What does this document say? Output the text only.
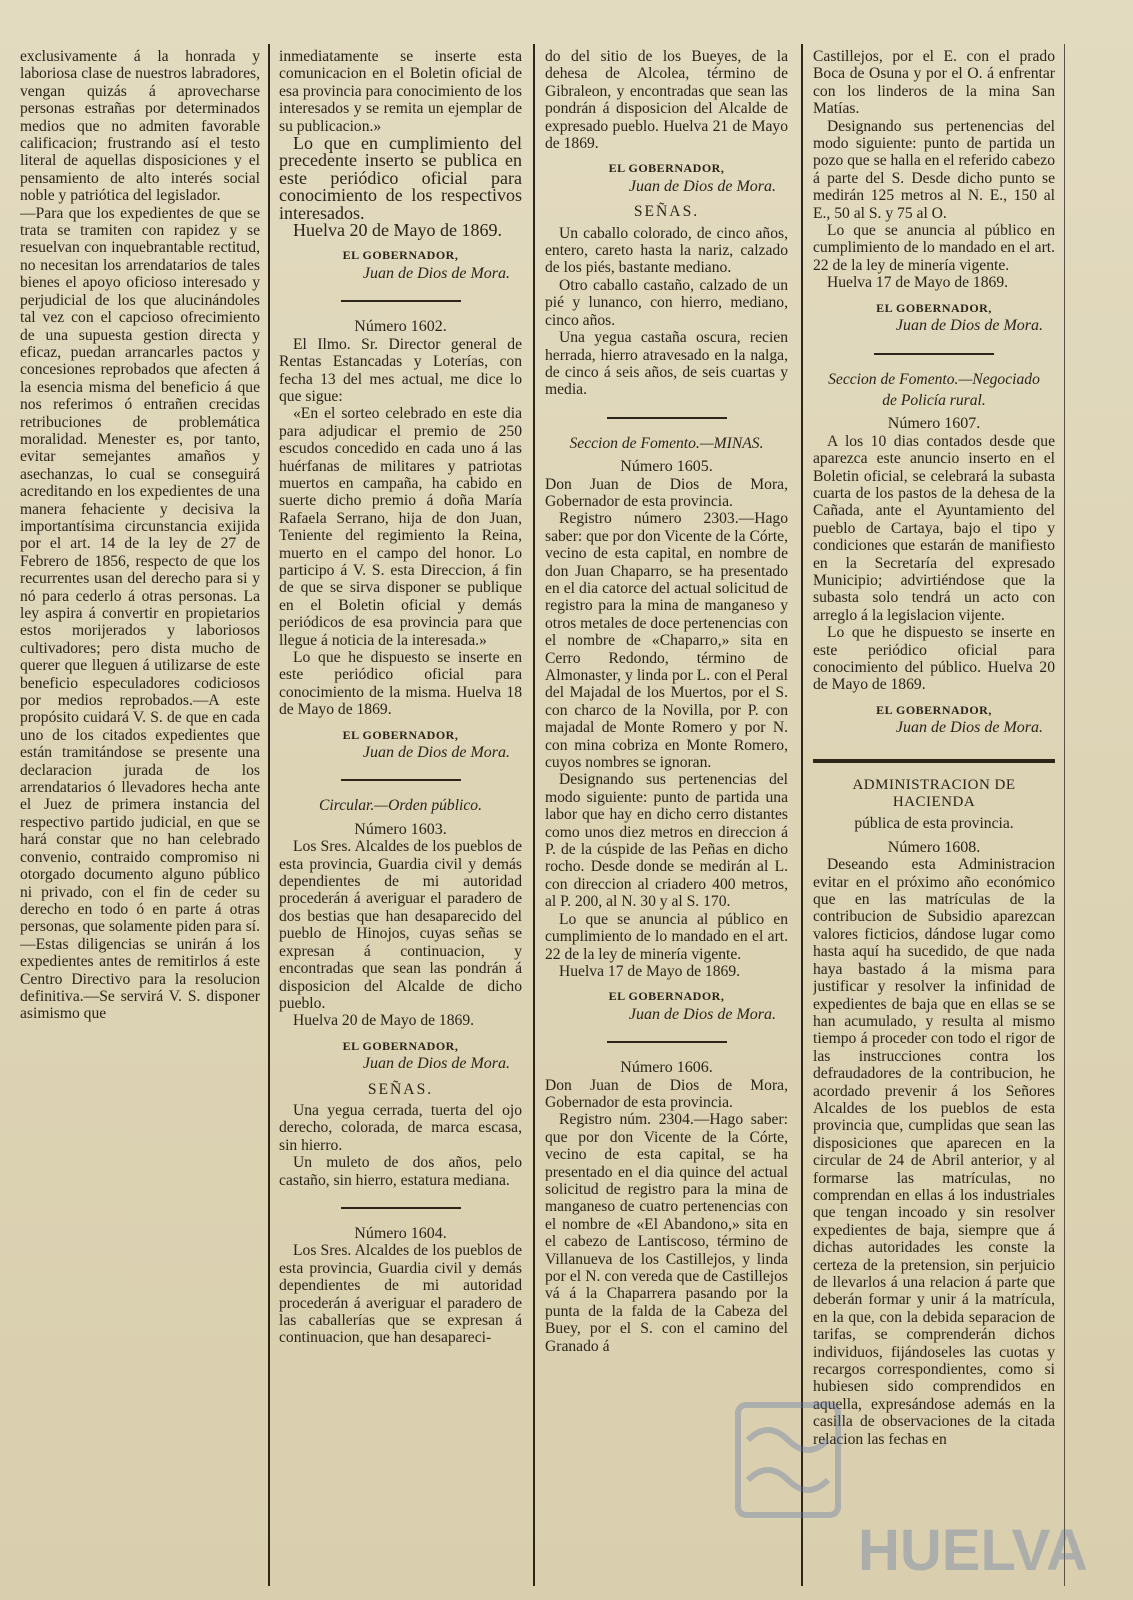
exclusivamente á la honrada y laboriosa clase de nuestros labradores, vengan quizás á aprovecharse personas estrañas por determinados medios que no admiten favorable calificacion; frustrando así el testo literal de aquellas disposiciones y el pensamiento de alto interés social noble y patriótica del legislador.

—Para que los expedientes de que se trata se tramiten con rapidez y se resuelvan con inquebrantable rectitud, no necesitan los arrendatarios de tales bienes el apoyo oficioso interesado y perjudicial de los que alucinándoles tal vez con el capcioso ofrecimiento de una supuesta gestion directa y eficaz, puedan arrancarles pactos y concesiones reprobados que afecten á la esencia misma del beneficio á que nos referimos ó entrañen crecidas retribuciones de problemática moralidad. Menester es, por tanto, evitar semejantes amaños y asechanzas, lo cual se conseguirá acreditando en los expedientes de una manera fehaciente y decisiva la importantísima circunstancia exijida por el art. 14 de la ley de 27 de Febrero de 1856, respecto de que los recurrentes usan del derecho para si y nó para cederlo á otras personas. La ley aspira á convertir en propietarios estos morijerados y laboriosos cultivadores; pero dista mucho de querer que lleguen á utilizarse de este beneficio especuladores codiciosos por medios reprobados.—A este propósito cuidará V. S. de que en cada uno de los citados expedientes que están tramitándose se presente una declaracion jurada de los arrendatarios ó llevadores hecha ante el Juez de primera instancia del respectivo partido judicial, en que se hará constar que no han celebrado convenio, contraido compromiso ni otorgado documento alguno público ni privado, con el fin de ceder su derecho en todo ó en parte á otras personas, que solamente piden para sí.—Estas diligencias se unirán á los expedientes antes de remitirlos á este Centro Directivo para la resolucion definitiva.—Se servirá V. S. disponer asimismo que

inmediatamente se inserte esta comunicacion en el Boletin oficial de esa provincia para conocimiento de los interesados y se remita un ejemplar de su publicacion.»

Lo que en cumplimiento del precedente inserto se publica en este periódico oficial para conocimiento de los respectivos interesados.

Huelva 20 de Mayo de 1869.

EL GOBERNADOR,
Juan de Dios de Mora.
Número 1602.

El Ilmo. Sr. Director general de Rentas Estancadas y Loterías, con fecha 13 del mes actual, me dice lo que sigue:

«En el sorteo celebrado en este dia para adjudicar el premio de 250 escudos concedido en cada uno á las huérfanas de militares y patriotas muertos en campaña, ha cabido en suerte dicho premio á doña María Rafaela Serrano, hija de don Juan, Teniente del regimiento la Reina, muerto en el campo del honor. Lo participo á V. S. esta Direccion, á fin de que se sirva disponer se publique en el Boletin oficial y demás periódicos de esa provincia para que llegue á noticia de la interesada.»

Lo que he dispuesto se inserte en este periódico oficial para conocimiento de la misma. Huelva 18 de Mayo de 1869.

EL GOBERNADOR,
Juan de Dios de Mora.
Circular.—Orden público.
Número 1603.

Los Sres. Alcaldes de los pueblos de esta provincia, Guardia civil y demás dependientes de mi autoridad procederán á averiguar el paradero de dos bestias que han desaparecido del pueblo de Hinojos, cuyas señas se expresan á continuacion, y encontradas que sean las pondrán á disposicion del Alcalde de dicho pueblo.

Huelva 20 de Mayo de 1869.

EL GOBERNADOR,
Juan de Dios de Mora.
SEÑAS.

Una yegua cerrada, tuerta del ojo derecho, colorada, de marca escasa, sin hierro.

Un muleto de dos años, pelo castaño, sin hierro, estatura mediana.

Número 1604.

Los Sres. Alcaldes de los pueblos de esta provincia, Guardia civil y demás dependientes de mi autoridad procederán á averiguar el paradero de las caballerías que se expresan á continuacion, que han desapareci-

do del sitio de los Bueyes, de la dehesa de Alcolea, término de Gibraleon, y encontradas que sean las pondrán á disposicion del Alcalde de expresado pueblo. Huelva 21 de Mayo de 1869.

EL GOBERNADOR,
Juan de Dios de Mora.
SEÑAS.

Un caballo colorado, de cinco años, entero, careto hasta la nariz, calzado de los piés, bastante mediano.

Otro caballo castaño, calzado de un pié y lunanco, con hierro, mediano, cinco años.

Una yegua castaña oscura, recien herrada, hierro atravesado en la nalga, de cinco á seis años, de seis cuartas y media.

Seccion de Fomento.—MINAS.
Número 1605.

Don Juan de Dios de Mora, Gobernador de esta provincia.

Registro número 2303.—Hago saber: que por don Vicente de la Córte, vecino de esta capital, en nombre de don Juan Chaparro, se ha presentado en el dia catorce del actual solicitud de registro para la mina de manganeso y otros metales de doce pertenencias con el nombre de «Chaparro,» sita en Cerro Redondo, término de Almonaster, y linda por L. con el Peral del Majadal de los Muertos, por el S. con charco de la Novilla, por P. con majadal de Monte Romero y por N. con mina cobriza en Monte Romero, cuyos nombres se ignoran.

Designando sus pertenencias del modo siguiente: punto de partida una labor que hay en dicho cerro distantes como unos diez metros en direccion á P. de la cúspide de las Peñas en dicho rocho. Desde donde se medirán al L. con direccion al criadero 400 metros, al P. 200, al N. 30 y al S. 170.

Lo que se anuncia al público en cumplimiento de lo mandado en el art. 22 de la ley de minería vigente.

Huelva 17 de Mayo de 1869.

EL GOBERNADOR,
Juan de Dios de Mora.
Número 1606.

Don Juan de Dios de Mora, Gobernador de esta provincia.

Registro núm. 2304.—Hago saber: que por don Vicente de la Córte, vecino de esta capital, se ha presentado en el dia quince del actual solicitud de registro para la mina de manganeso de cuatro pertenencias con el nombre de «El Abandono,» sita en el cabezo de Lantiscoso, término de Villanueva de los Castillejos, y linda por el N. con vereda que de Castillejos vá á la Chaparrera pasando por la punta de la falda de la Cabeza del Buey, por el S. con el camino del Granado á

Castillejos, por el E. con el prado Boca de Osuna y por el O. á enfrentar con los linderos de la mina San Matías.

Designando sus pertenencias del modo siguiente: punto de partida un pozo que se halla en el referido cabezo á parte del S. Desde dicho punto se medirán 125 metros al N. E., 150 al E., 50 al S. y 75 al O.

Lo que se anuncia al público en cumplimiento de lo mandado en el art. 22 de la ley de minería vigente.

Huelva 17 de Mayo de 1869.

EL GOBERNADOR,
Juan de Dios de Mora.
Seccion de Fomento.—Negociado
de Policía rural.
Número 1607.

A los 10 dias contados desde que aparezca este anuncio inserto en el Boletin oficial, se celebrará la subasta cuarta de los pastos de la dehesa de la Cañada, ante el Ayuntamiento del pueblo de Cartaya, bajo el tipo y condiciones que estarán de manifiesto en la Secretaría del expresado Municipio; advirtiéndose que la subasta solo tendrá un acto con arreglo á la legislacion vijente.

Lo que he dispuesto se inserte en este periódico oficial para conocimiento del público. Huelva 20 de Mayo de 1869.

EL GOBERNADOR,
Juan de Dios de Mora.
ADMINISTRACION DE HACIENDA
pública de esta provincia.
Número 1608.

Deseando esta Administracion evitar en el próximo año económico que en las matrículas de la contribucion de Subsidio aparezcan valores ficticios, dándose lugar como hasta aquí ha sucedido, de que nada haya bastado á la misma para justificar y resolver la infinidad de expedientes de baja que en ellas se se han acumulado, y resulta al mismo tiempo á proceder con todo el rigor de las instrucciones contra los defraudadores de la contribucion, he acordado prevenir á los Señores Alcaldes de los pueblos de esta provincia que, cumplidas que sean las disposiciones que aparecen en la circular de 24 de Abril anterior, y al formarse las matrículas, no comprendan en ellas á los industriales que tengan incoado y sin resolver expedientes de baja, siempre que á dichas autoridades les conste la certeza de la pretension, sin perjuicio de llevarlos á una relacion á parte que deberán formar y unir á la matrícula, en la que, con la debida separacion de tarifas, se comprenderán dichos individuos, fijándoseles las cuotas y recargos correspondientes, como si hubiesen sido comprendidos en aquella, expresándose además en la casilla de observaciones de la citada relacion las fechas en

HUELVA
